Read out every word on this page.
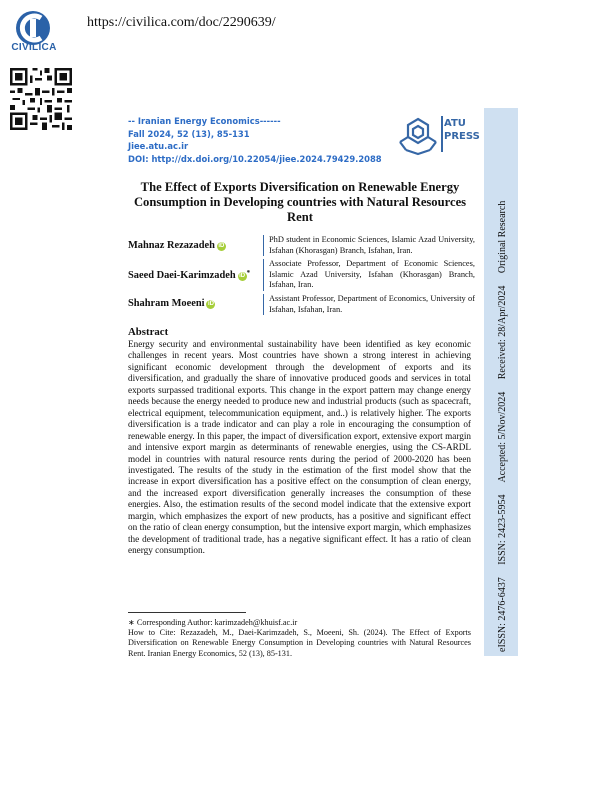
CIVILICA
https://civilica.com/doc/2290639/
-- Iranian Energy Economics------
Fall 2024, 52 (13), 85-131
Jiee.atu.ac.ir
DOI: http://dx.doi.org/10.22054/jiee.2024.79429.2088
ATU
PRESS
The Effect of Exports Diversification on Renewable Energy Consumption in Developing countries with Natural Resources Rent
Mahnaz Rezazadeh iD
PhD student in Economic Sciences, Islamic Azad University, Isfahan (Khorasgan) Branch, Isfahan, Iran.
Saeed Daei-Karimzadeh iD *
Associate Professor, Department of Economic Sciences, Islamic Azad University, Isfahan (Khorasgan) Branch, Isfahan, Iran.
Shahram Moeeni iD
Assistant Professor, Department of Economics, University of Isfahan, Isfahan, Iran.
Abstract
Energy security and environmental sustainability have been identified as key economic challenges in recent years. Most countries have shown a strong interest in achieving significant economic development through the development of exports and its diversification, and gradually the share of innovative produced goods and services in total exports surpassed traditional exports. This change in the export pattern may change energy needs because the energy needed to produce new and industrial products (such as spacecraft, electrical equipment, telecommunication equipment, and..) is relatively higher. The exports diversification is a trade indicator and can play a role in encouraging the consumption of renewable energy. In this paper, the impact of diversification export, extensive export margin and intensive export margin as determinants of renewable energies, using the CS-ARDL model in countries with natural resource rents during the period of 2000-2020 has been investigated. The results of the study in the estimation of the first model show that the increase in export diversification has a positive effect on the consumption of clean energy, and the increased export diversification generally increases the consumption of these energies. Also, the estimation results of the second model indicate that the extensive export margin, which emphasizes the export of new products, has a positive and significant effect on the ratio of clean energy consumption, but the intensive export margin, which emphasizes the development of traditional trade, has a negative significant effect. It has a ratio of clean energy consumption.
∗ Corresponding Author: karimzadeh@khuisf.ac.ir
How to Cite: Rezazadeh, M., Daei-Karimzadeh, S., Moeeni, Sh. (2024). The Effect of Exports Diversification on Renewable Energy Consumption in Developing countries with Natural Resources Rent. Iranian Energy Economics, 52 (13), 85-131.
eISSN: 2476-6437     ISSN: 2423-5954     Accepted: 5/Nov/2024     Received: 28/Apr/2024     Original Research
